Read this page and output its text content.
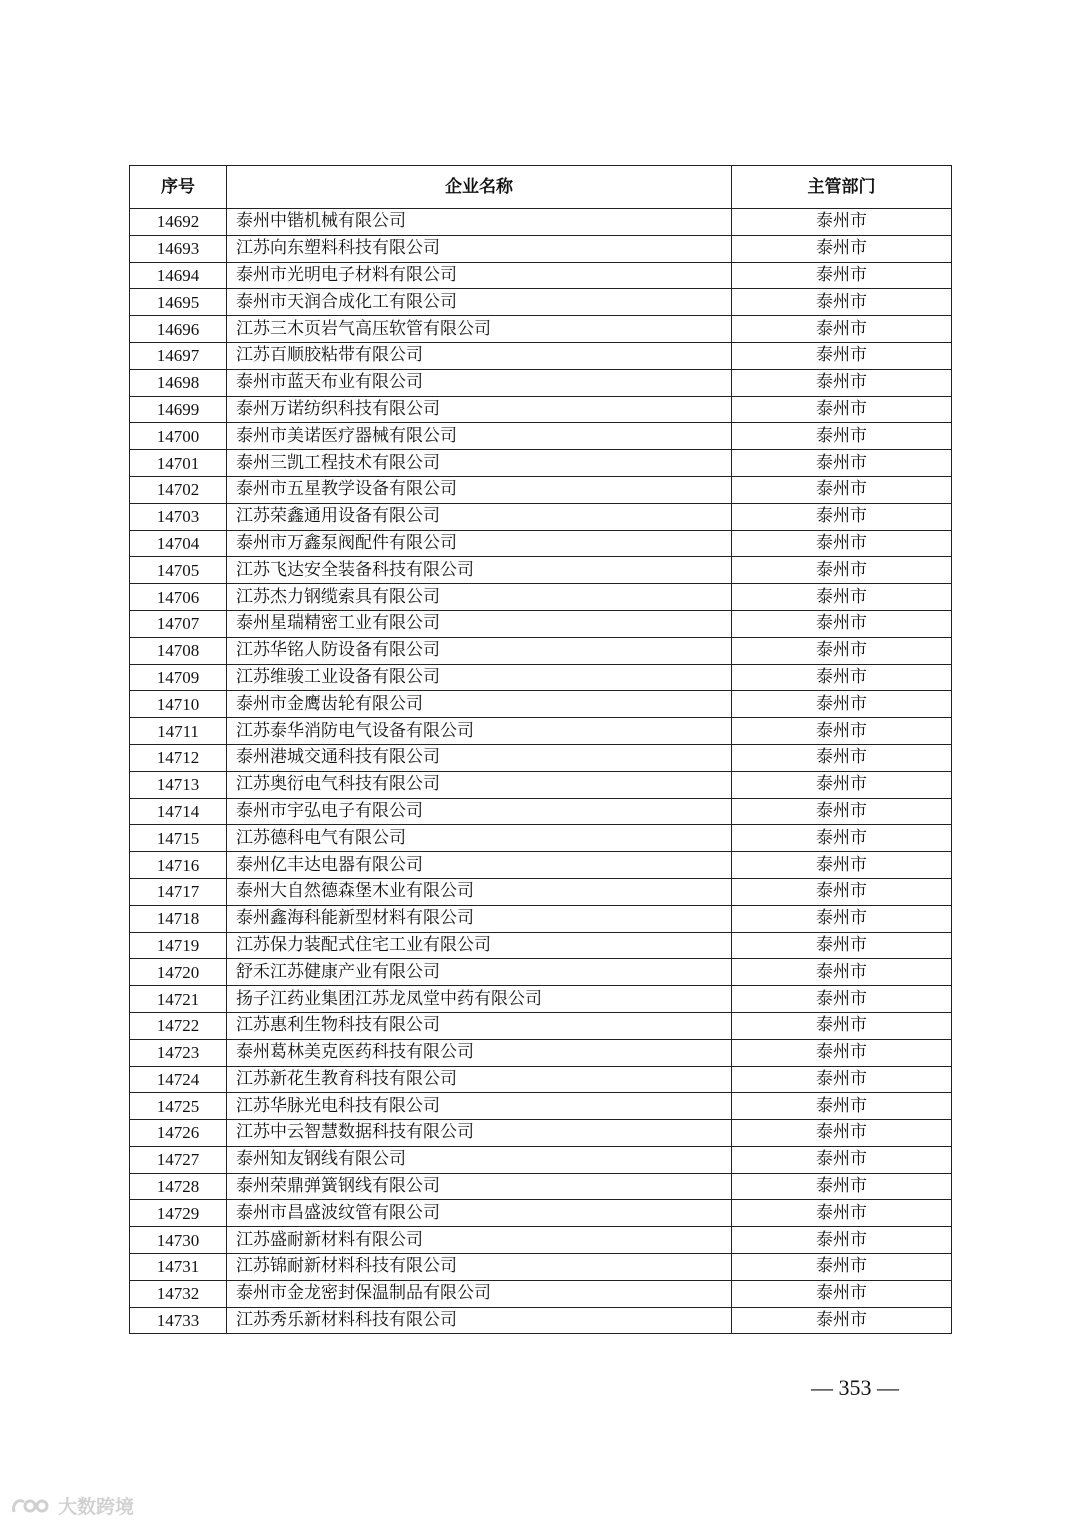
序号	企业名称	主管部门
14692	泰州中锴机械有限公司	泰州市
14693	江苏向东塑料科技有限公司	泰州市
14694	泰州市光明电子材料有限公司	泰州市
14695	泰州市天润合成化工有限公司	泰州市
14696	江苏三木页岩气高压软管有限公司	泰州市
14697	江苏百顺胶粘带有限公司	泰州市
14698	泰州市蓝天布业有限公司	泰州市
14699	泰州万诺纺织科技有限公司	泰州市
14700	泰州市美诺医疗器械有限公司	泰州市
14701	泰州三凯工程技术有限公司	泰州市
14702	泰州市五星教学设备有限公司	泰州市
14703	江苏荣鑫通用设备有限公司	泰州市
14704	泰州市万鑫泵阀配件有限公司	泰州市
14705	江苏飞达安全装备科技有限公司	泰州市
14706	江苏杰力钢缆索具有限公司	泰州市
14707	泰州星瑞精密工业有限公司	泰州市
14708	江苏华铭人防设备有限公司	泰州市
14709	江苏维骏工业设备有限公司	泰州市
14710	泰州市金鹰齿轮有限公司	泰州市
14711	江苏泰华消防电气设备有限公司	泰州市
14712	泰州港城交通科技有限公司	泰州市
14713	江苏奥衍电气科技有限公司	泰州市
14714	泰州市宇弘电子有限公司	泰州市
14715	江苏德科电气有限公司	泰州市
14716	泰州亿丰达电器有限公司	泰州市
14717	泰州大自然德森堡木业有限公司	泰州市
14718	泰州鑫海科能新型材料有限公司	泰州市
14719	江苏保力装配式住宅工业有限公司	泰州市
14720	舒禾江苏健康产业有限公司	泰州市
14721	扬子江药业集团江苏龙凤堂中药有限公司	泰州市
14722	江苏惠利生物科技有限公司	泰州市
14723	泰州葛林美克医药科技有限公司	泰州市
14724	江苏新花生教育科技有限公司	泰州市
14725	江苏华脉光电科技有限公司	泰州市
14726	江苏中云智慧数据科技有限公司	泰州市
14727	泰州知友钢线有限公司	泰州市
14728	泰州荣鼎弹簧钢线有限公司	泰州市
14729	泰州市昌盛波纹管有限公司	泰州市
14730	江苏盛耐新材料有限公司	泰州市
14731	江苏锦耐新材料科技有限公司	泰州市
14732	泰州市金龙密封保温制品有限公司	泰州市
14733	江苏秀乐新材料科技有限公司	泰州市
— 353 —
大数跨境
